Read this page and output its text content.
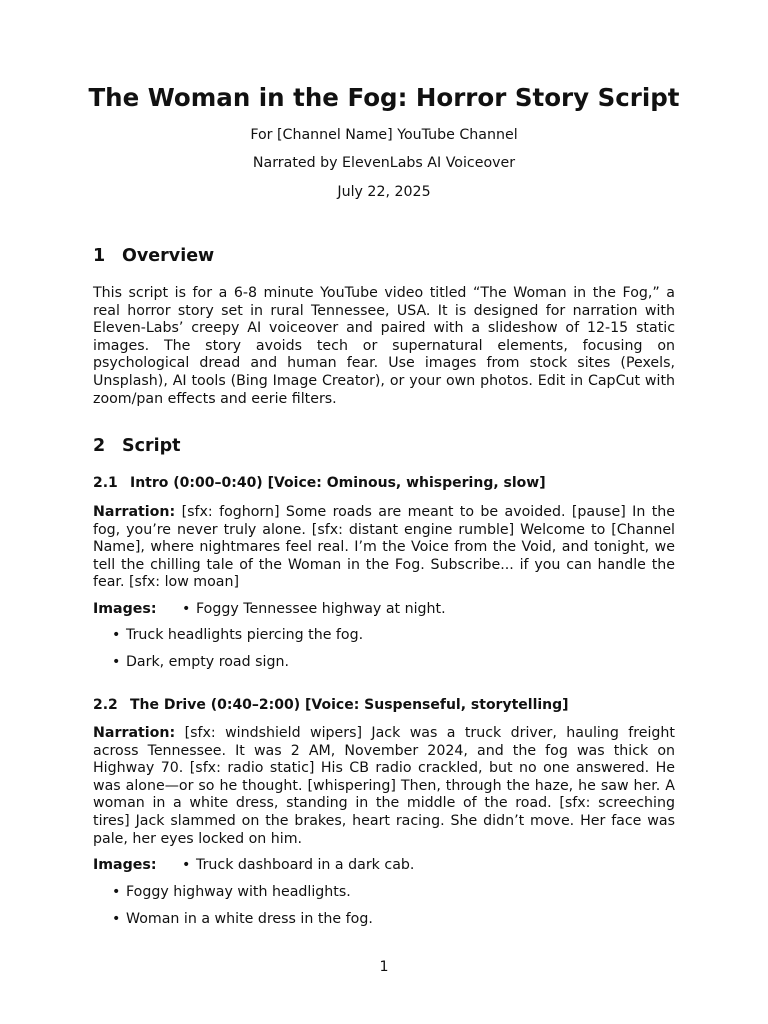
The Woman in the Fog: Horror Story Script
For [Channel Name] YouTube Channel
Narrated by ElevenLabs AI Voiceover
July 22, 2025
1 Overview

This script is for a 6-8 minute YouTube video titled “The Woman in the Fog,” a real horror story set in rural Tennessee, USA. It is designed for narration with Eleven-Labs’ creepy AI voiceover and paired with a slideshow of 12-15 static images. The story avoids tech or supernatural elements, focusing on psychological dread and human fear. Use images from stock sites (Pexels, Unsplash), AI tools (Bing Image Creator), or your own photos. Edit in CapCut with zoom/pan effects and eerie filters.

2 Script
2.1 Intro (0:00–0:40) [Voice: Ominous, whispering, slow]

Narration: [sfx: foghorn] Some roads are meant to be avoided. [pause] In the fog, you’re never truly alone. [sfx: distant engine rumble] Welcome to [Channel Name], where nightmares feel real. I’m the Voice from the Void, and tonight, we tell the chilling tale of the Woman in the Fog. Subscribe... if you can handle the fear. [sfx: low moan]

Images: • Foggy Tennessee highway at night.
• Truck headlights piercing the fog.
• Dark, empty road sign.
2.2 The Drive (0:40–2:00) [Voice: Suspenseful, storytelling]

Narration: [sfx: windshield wipers] Jack was a truck driver, hauling freight across Tennessee. It was 2 AM, November 2024, and the fog was thick on Highway 70. [sfx: radio static] His CB radio crackled, but no one answered. He was alone—or so he thought. [whispering] Then, through the haze, he saw her. A woman in a white dress, standing in the middle of the road. [sfx: screeching tires] Jack slammed on the brakes, heart racing. She didn’t move. Her face was pale, her eyes locked on him.

Images: • Truck dashboard in a dark cab.
• Foggy highway with headlights.
• Woman in a white dress in the fog.
1
